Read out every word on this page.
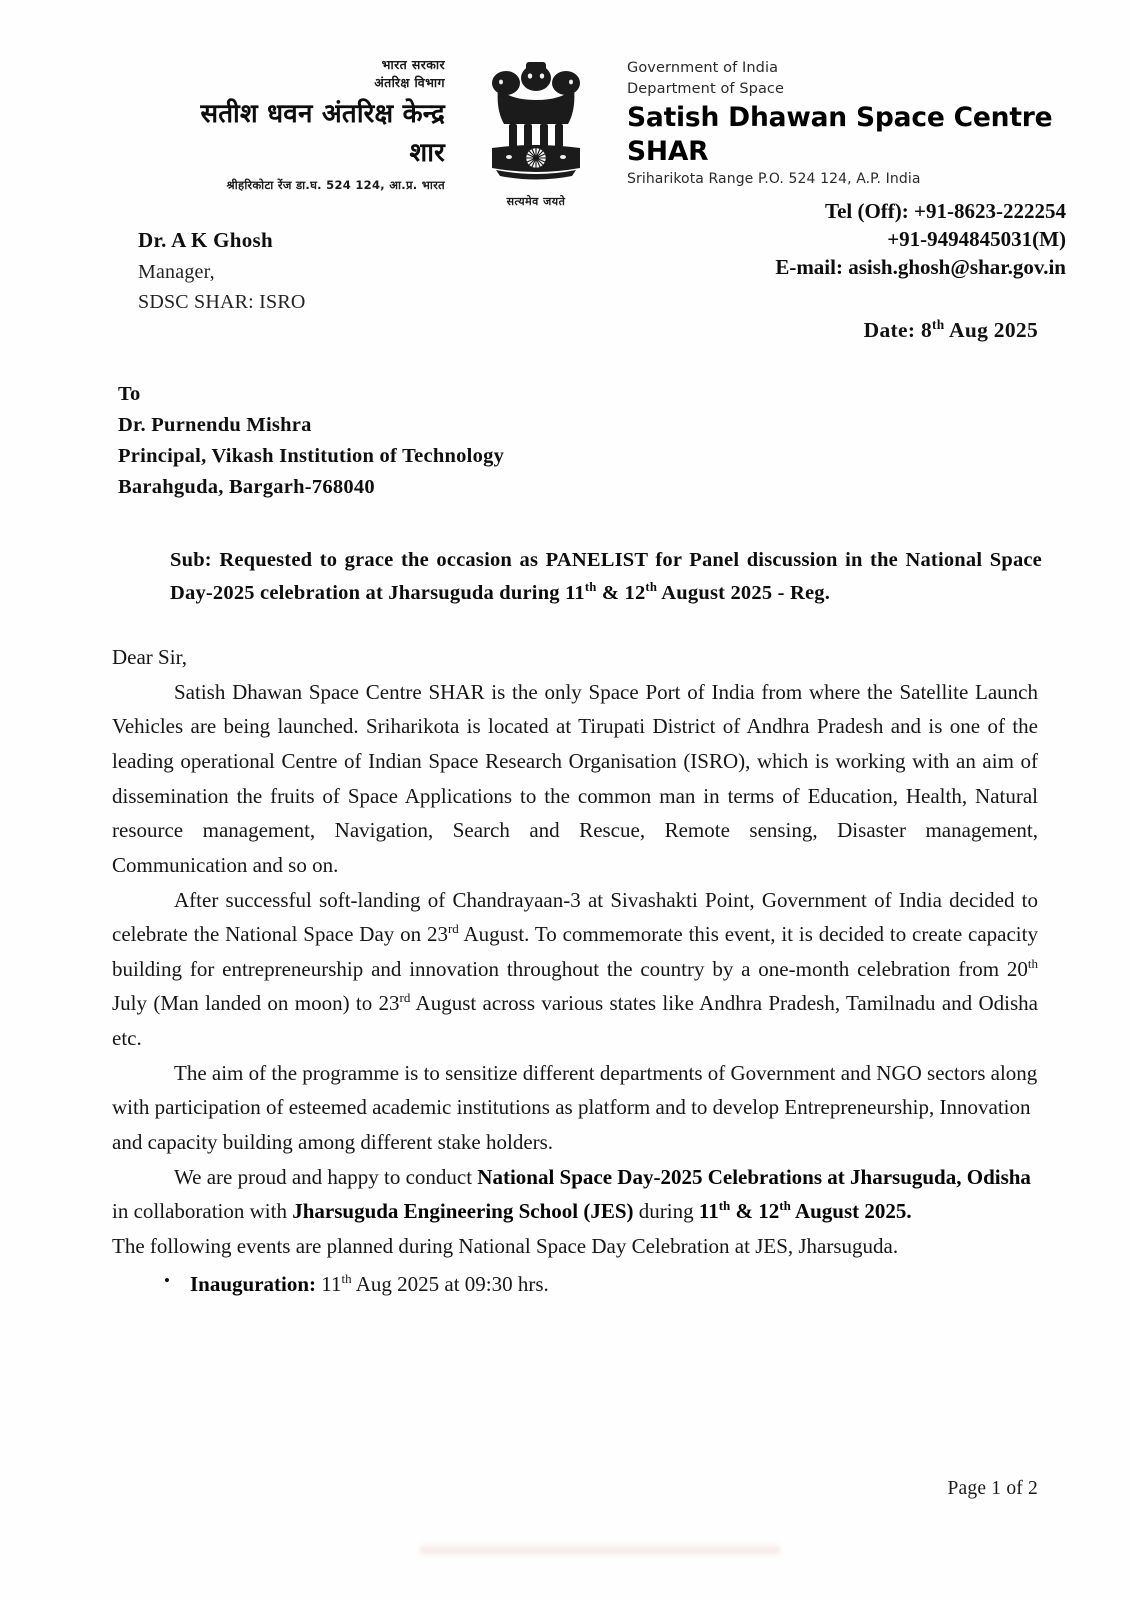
भारत सरकार
अंतरिक्ष विभाग
सतीश धवन अंतरिक्ष केन्द्र
शार
श्रीहरिकोटा रेंज डा.घ. 524 124, आ.प्र. भारत
सत्यमेव जयते
Government of India
Department of Space
Satish Dhawan Space Centre
SHAR
Sriharikota Range P.O. 524 124, A.P. India
Tel (Off): +91-8623-222254
+91-9494845031(M)
E-mail: asish.ghosh@shar.gov.in
Dr. A K Ghosh
Manager,
SDSC SHAR: ISRO
Date: 8th Aug 2025
To
Dr. Purnendu Mishra
Principal, Vikash Institution of Technology
Barahguda, Bargarh-768040
Sub: Requested to grace the occasion as PANELIST for Panel discussion in the National Space Day-2025 celebration at Jharsuguda during 11th & 12th August 2025 - Reg.

Dear Sir,

Satish Dhawan Space Centre SHAR is the only Space Port of India from where the Satellite Launch Vehicles are being launched. Sriharikota is located at Tirupati District of Andhra Pradesh and is one of the leading operational Centre of Indian Space Research Organisation (ISRO), which is working with an aim of dissemination the fruits of Space Applications to the common man in terms of Education, Health, Natural resource management, Navigation, Search and Rescue, Remote sensing, Disaster management, Communication and so on.

After successful soft-landing of Chandrayaan-3 at Sivashakti Point, Government of India decided to celebrate the National Space Day on 23rd August. To commemorate this event, it is decided to create capacity building for entrepreneurship and innovation throughout the country by a one-month celebration from 20th July (Man landed on moon) to 23rd August across various states like Andhra Pradesh, Tamilnadu and Odisha etc.

The aim of the programme is to sensitize different departments of Government and NGO sectors along with participation of esteemed academic institutions as platform and to develop Entrepreneurship, Innovation and capacity building among different stake holders.

We are proud and happy to conduct National Space Day-2025 Celebrations at Jharsuguda, Odisha in collaboration with Jharsuguda Engineering School (JES) during 11th & 12th August 2025.

The following events are planned during National Space Day Celebration at JES, Jharsuguda.

• Inauguration: 11th Aug 2025 at 09:30 hrs.
Page 1 of 2
